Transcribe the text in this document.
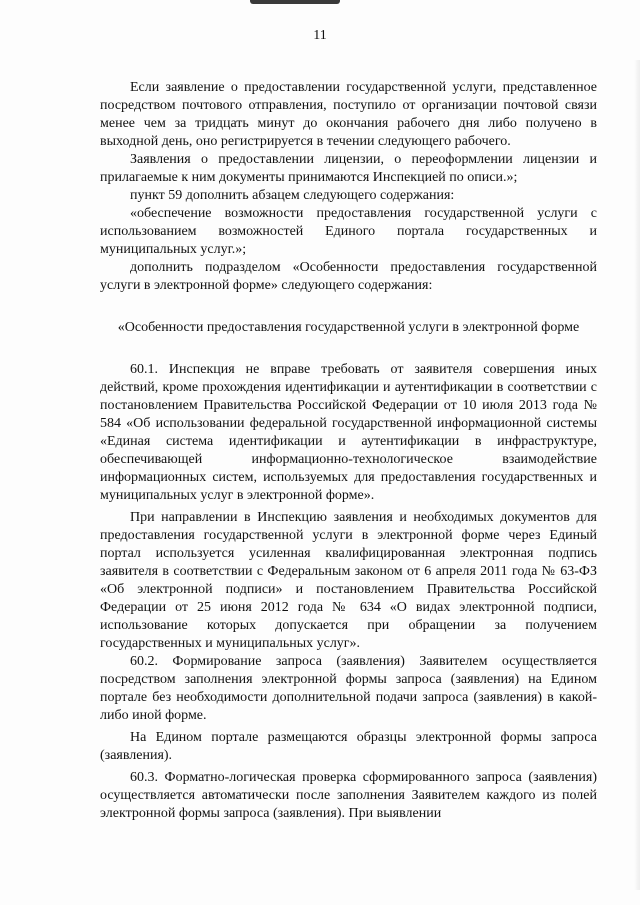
11

Если заявление о предоставлении государственной услуги, представленное посредством почтового отправления, поступило от организации почтовой связи менее чем за тридцать минут до окончания рабочего дня либо получено в выходной день, оно регистрируется в течении следующего рабочего.

Заявления о предоставлении лицензии, о переоформлении лицензии и прилагаемые к ним документы принимаются Инспекцией по описи.»;

пункт 59 дополнить абзацем следующего содержания:

«обеспечение возможности предоставления государственной услуги с использованием возможностей Единого портала государственных и муниципальных услуг.»;

дополнить подразделом «Особенности предоставления государственной услуги в электронной форме» следующего содержания:

«Особенности предоставления государственной услуги в электронной форме

60.1. Инспекция не вправе требовать от заявителя совершения иных действий, кроме прохождения идентификации и аутентификации в соответствии с постановлением Правительства Российской Федерации от 10 июля 2013 года № 584 «Об использовании федеральной государственной информационной системы «Единая система идентификации и аутентификации в инфраструктуре, обеспечивающей информационно-технологическое взаимодействие информационных систем, используемых для предоставления государственных и муниципальных услуг в электронной форме».

При направлении в Инспекцию заявления и необходимых документов для предоставления государственной услуги в электронной форме через Единый портал используется усиленная квалифицированная электронная подпись заявителя в соответствии с Федеральным законом от 6 апреля 2011 года № 63-ФЗ «Об электронной подписи» и постановлением Правительства Российской Федерации от 25 июня 2012 года № 634 «О видах электронной подписи, использование которых допускается при обращении за получением государственных и муниципальных услуг».

60.2. Формирование запроса (заявления) Заявителем осуществляется посредством заполнения электронной формы запроса (заявления) на Едином портале без необходимости дополнительной подачи запроса (заявления) в какой-либо иной форме.

На Едином портале размещаются образцы электронной формы запроса (заявления).

60.3. Форматно-логическая проверка сформированного запроса (заявления) осуществляется автоматически после заполнения Заявителем каждого из полей электронной формы запроса (заявления). При выявлении
